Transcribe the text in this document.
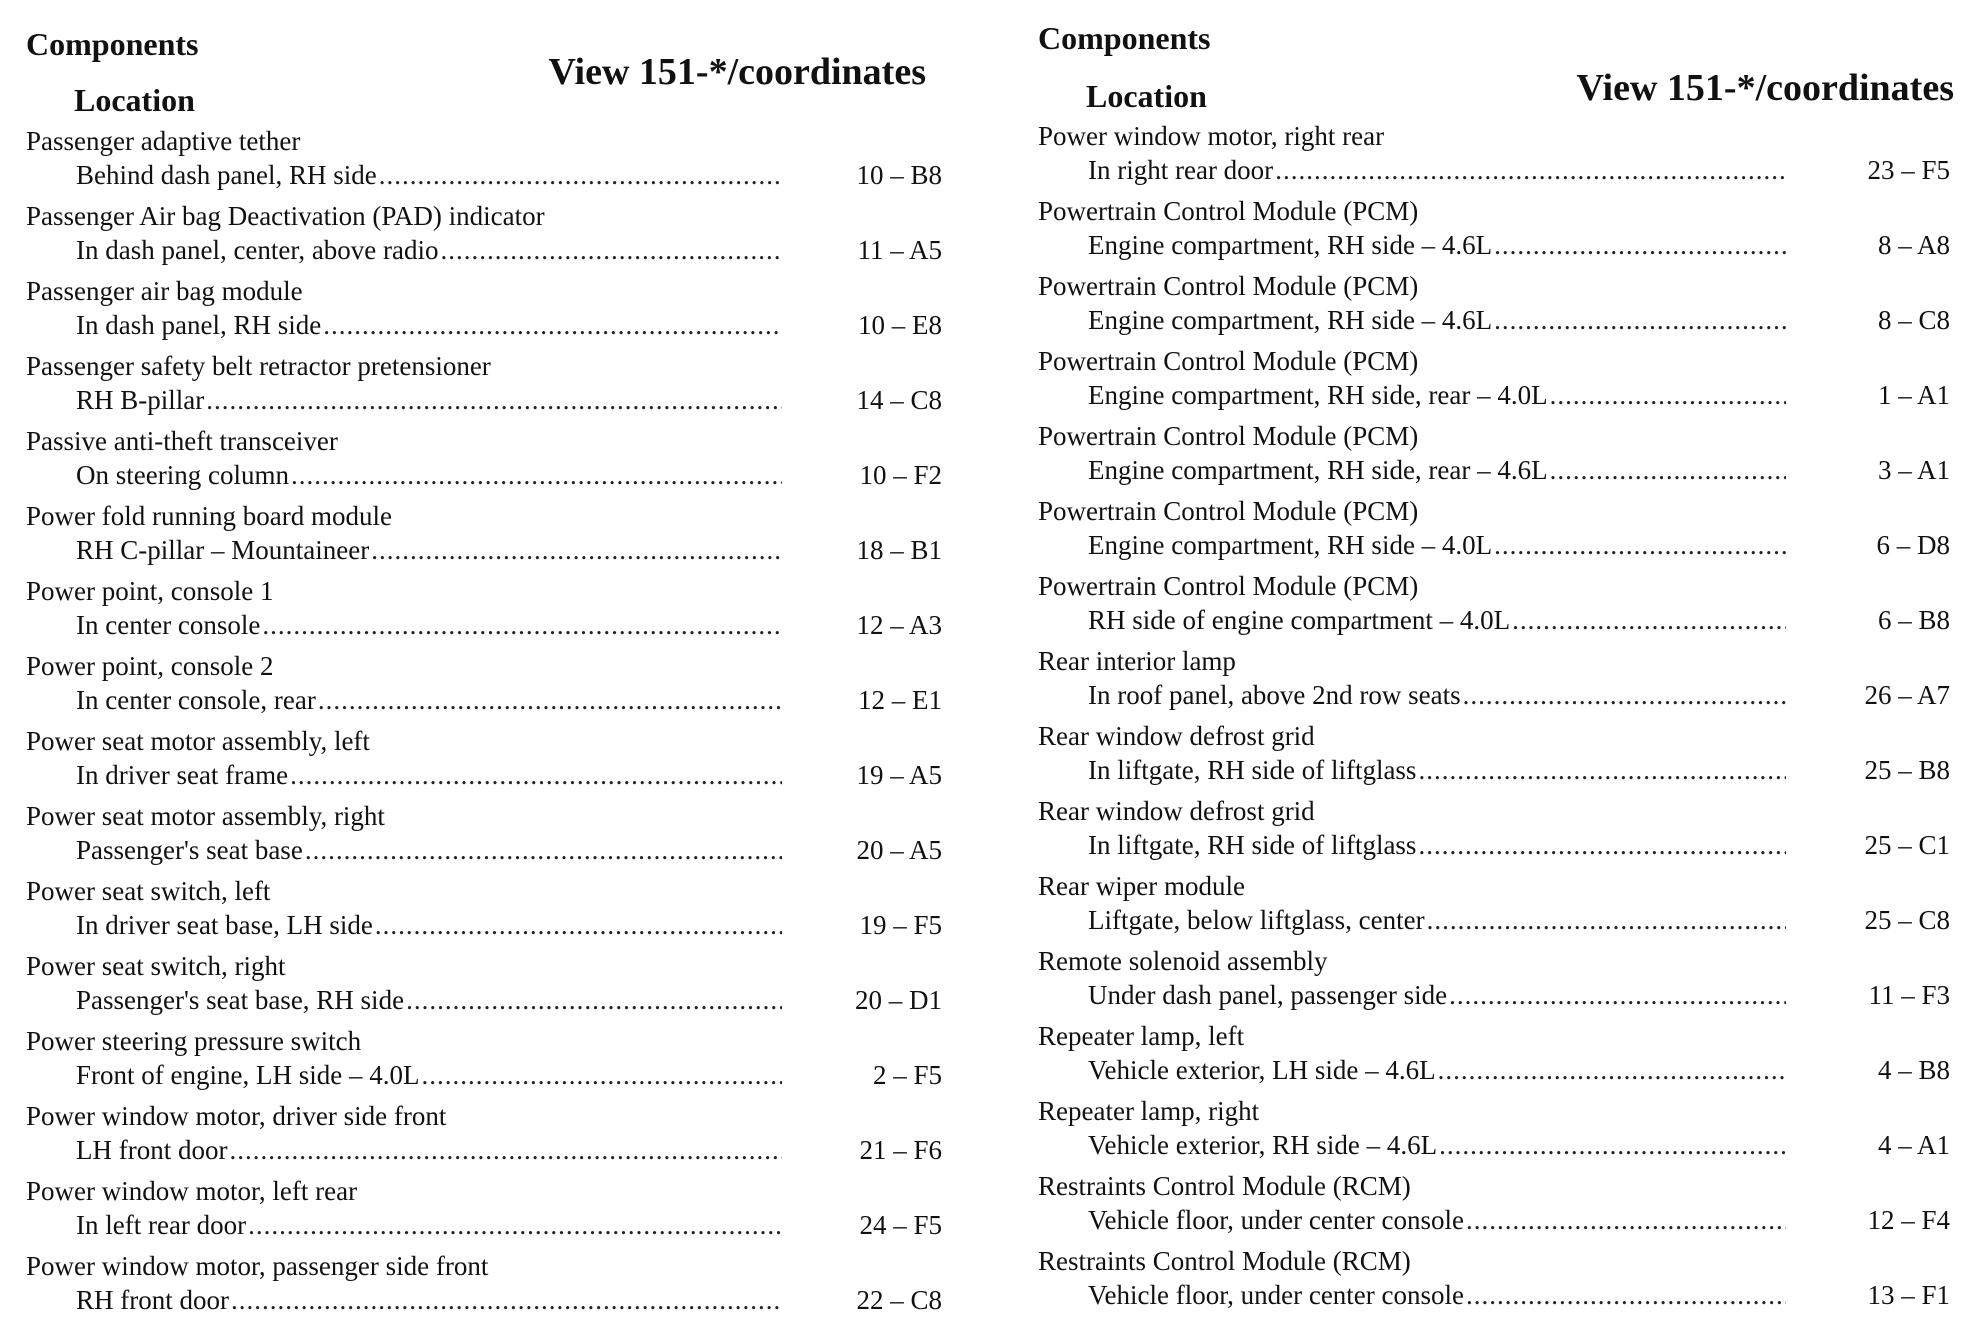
Components
Location
View 151-*/coordinates
Passenger adaptive tether
Behind dash panel, RH side .....	10 – B8
Passenger Air bag Deactivation (PAD) indicator
In dash panel, center, above radio .....	11 – A5
Passenger air bag module
In dash panel, RH side .....	10 – E8
Passenger safety belt retractor pretensioner
RH B-pillar .....	14 – C8
Passive anti-theft transceiver
On steering column .....	10 – F2
Power fold running board module
RH C-pillar – Mountaineer .....	18 – B1
Power point, console 1
In center console .....	12 – A3
Power point, console 2
In center console, rear .....	12 – E1
Power seat motor assembly, left
In driver seat frame .....	19 – A5
Power seat motor assembly, right
Passenger's seat base .....	20 – A5
Power seat switch, left
In driver seat base, LH side .....	19 – F5
Power seat switch, right
Passenger's seat base, RH side .....	20 – D1
Power steering pressure switch
Front of engine, LH side – 4.0L .....	2 – F5
Power window motor, driver side front
LH front door .....	21 – F6
Power window motor, left rear
In left rear door .....	24 – F5
Power window motor, passenger side front
RH front door .....	22 – C8
Components
Location	View 151-*/coordinates
Power window motor, right rear
In right rear door .....	23 – F5
Powertrain Control Module (PCM)
Engine compartment, RH side – 4.6L .....	8 – A8
Powertrain Control Module (PCM)
Engine compartment, RH side – 4.6L .....	8 – C8
Powertrain Control Module (PCM)
Engine compartment, RH side, rear – 4.0L .....	1 – A1
Powertrain Control Module (PCM)
Engine compartment, RH side, rear – 4.6L .....	3 – A1
Powertrain Control Module (PCM)
Engine compartment, RH side – 4.0L .....	6 – D8
Powertrain Control Module (PCM)
RH side of engine compartment – 4.0L .....	6 – B8
Rear interior lamp
In roof panel, above 2nd row seats .....	26 – A7
Rear window defrost grid
In liftgate, RH side of liftglass .....	25 – B8
Rear window defrost grid
In liftgate, RH side of liftglass .....	25 – C1
Rear wiper module
Liftgate, below liftglass, center .....	25 – C8
Remote solenoid assembly
Under dash panel, passenger side .....	11 – F3
Repeater lamp, left
Vehicle exterior, LH side – 4.6L .....	4 – B8
Repeater lamp, right
Vehicle exterior, RH side – 4.6L .....	4 – A1
Restraints Control Module (RCM)
Vehicle floor, under center console .....	12 – F4
Restraints Control Module (RCM)
Vehicle floor, under center console .....	13 – F1
